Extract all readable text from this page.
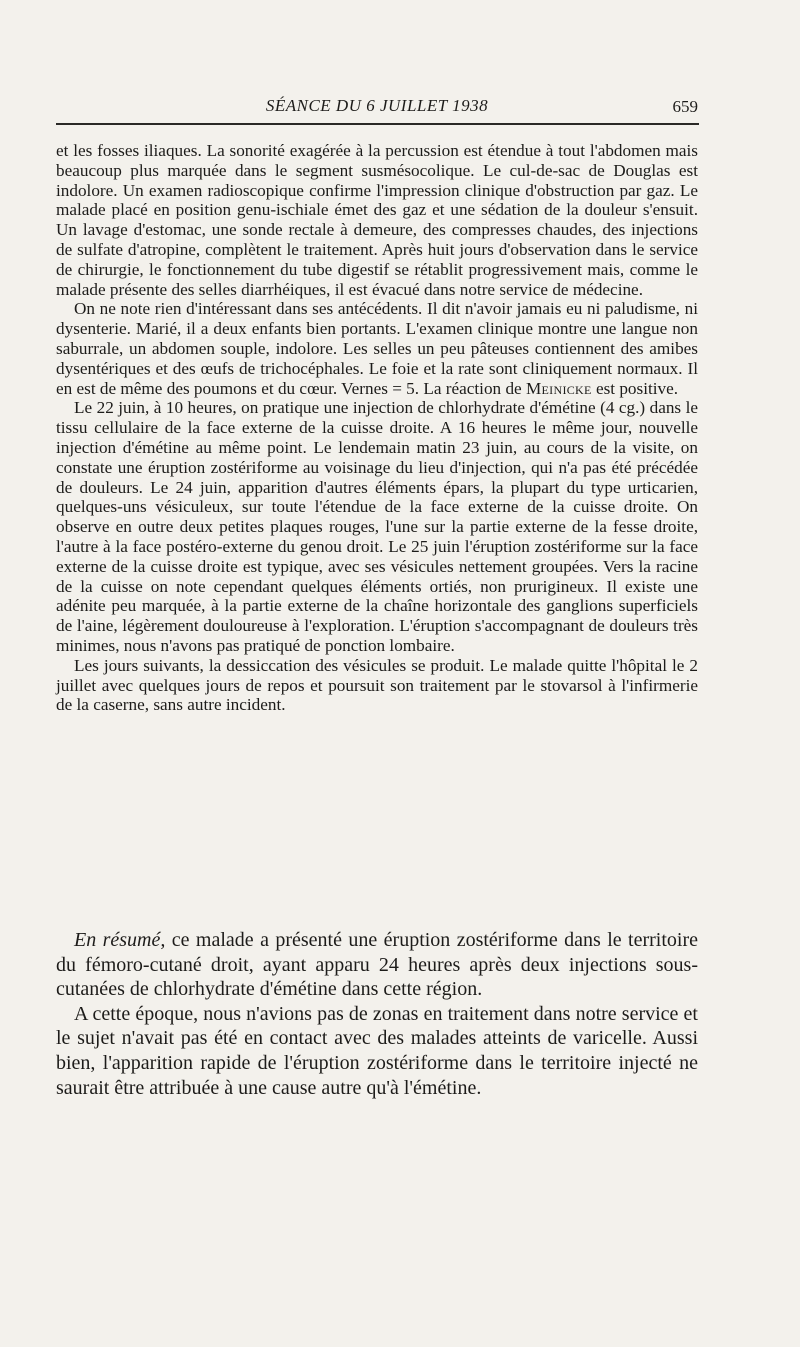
SÉANCE DU 6 JUILLET 1938	659

et les fosses iliaques. La sonorité exagérée à la percussion est étendue à tout l'abdomen mais beaucoup plus marquée dans le segment susmésocolique. Le cul-de-sac de Douglas est indolore. Un examen radioscopique confirme l'impression clinique d'obstruction par gaz. Le malade placé en position genu-ischiale émet des gaz et une sédation de la douleur s'ensuit. Un lavage d'estomac, une sonde rectale à demeure, des compresses chaudes, des injections de sulfate d'atropine, complètent le traitement. Après huit jours d'observation dans le service de chirurgie, le fonctionnement du tube digestif se rétablit progressivement mais, comme le malade présente des selles diarrhéiques, il est évacué dans notre service de médecine.

On ne note rien d'intéressant dans ses antécédents. Il dit n'avoir jamais eu ni paludisme, ni dysenterie. Marié, il a deux enfants bien portants. L'examen clinique montre une langue non saburrale, un abdomen souple, indolore. Les selles un peu pâteuses contiennent des amibes dysentériques et des œufs de trichocéphales. Le foie et la rate sont cliniquement normaux. Il en est de même des poumons et du cœur. Vernes = 5. La réaction de Meinicke est positive.

Le 22 juin, à 10 heures, on pratique une injection de chlorhydrate d'émétine (4 cg.) dans le tissu cellulaire de la face externe de la cuisse droite. A 16 heures le même jour, nouvelle injection d'émétine au même point. Le lendemain matin 23 juin, au cours de la visite, on constate une éruption zostériforme au voisinage du lieu d'injection, qui n'a pas été précédée de douleurs. Le 24 juin, apparition d'autres éléments épars, la plupart du type urticarien, quelques-uns vésiculeux, sur toute l'étendue de la face externe de la cuisse droite. On observe en outre deux petites plaques rouges, l'une sur la partie externe de la fesse droite, l'autre à la face postéro-externe du genou droit. Le 25 juin l'éruption zostériforme sur la face externe de la cuisse droite est typique, avec ses vésicules nettement groupées. Vers la racine de la cuisse on note cependant quelques éléments ortiés, non prurigineux. Il existe une adénite peu marquée, à la partie externe de la chaîne horizontale des ganglions superficiels de l'aine, légèrement douloureuse à l'exploration. L'éruption s'accompagnant de douleurs très minimes, nous n'avons pas pratiqué de ponction lombaire.

Les jours suivants, la dessiccation des vésicules se produit. Le malade quitte l'hôpital le 2 juillet avec quelques jours de repos et poursuit son traitement par le stovarsol à l'infirmerie de la caserne, sans autre incident.

En résumé, ce malade a présenté une éruption zostériforme dans le territoire du fémoro-cutané droit, ayant apparu 24 heures après deux injections sous-cutanées de chlorhydrate d'émétine dans cette région.

A cette époque, nous n'avions pas de zonas en traitement dans notre service et le sujet n'avait pas été en contact avec des malades atteints de varicelle. Aussi bien, l'apparition rapide de l'éruption zostériforme dans le territoire injecté ne saurait être attribuée à une cause autre qu'à l'émétine.
